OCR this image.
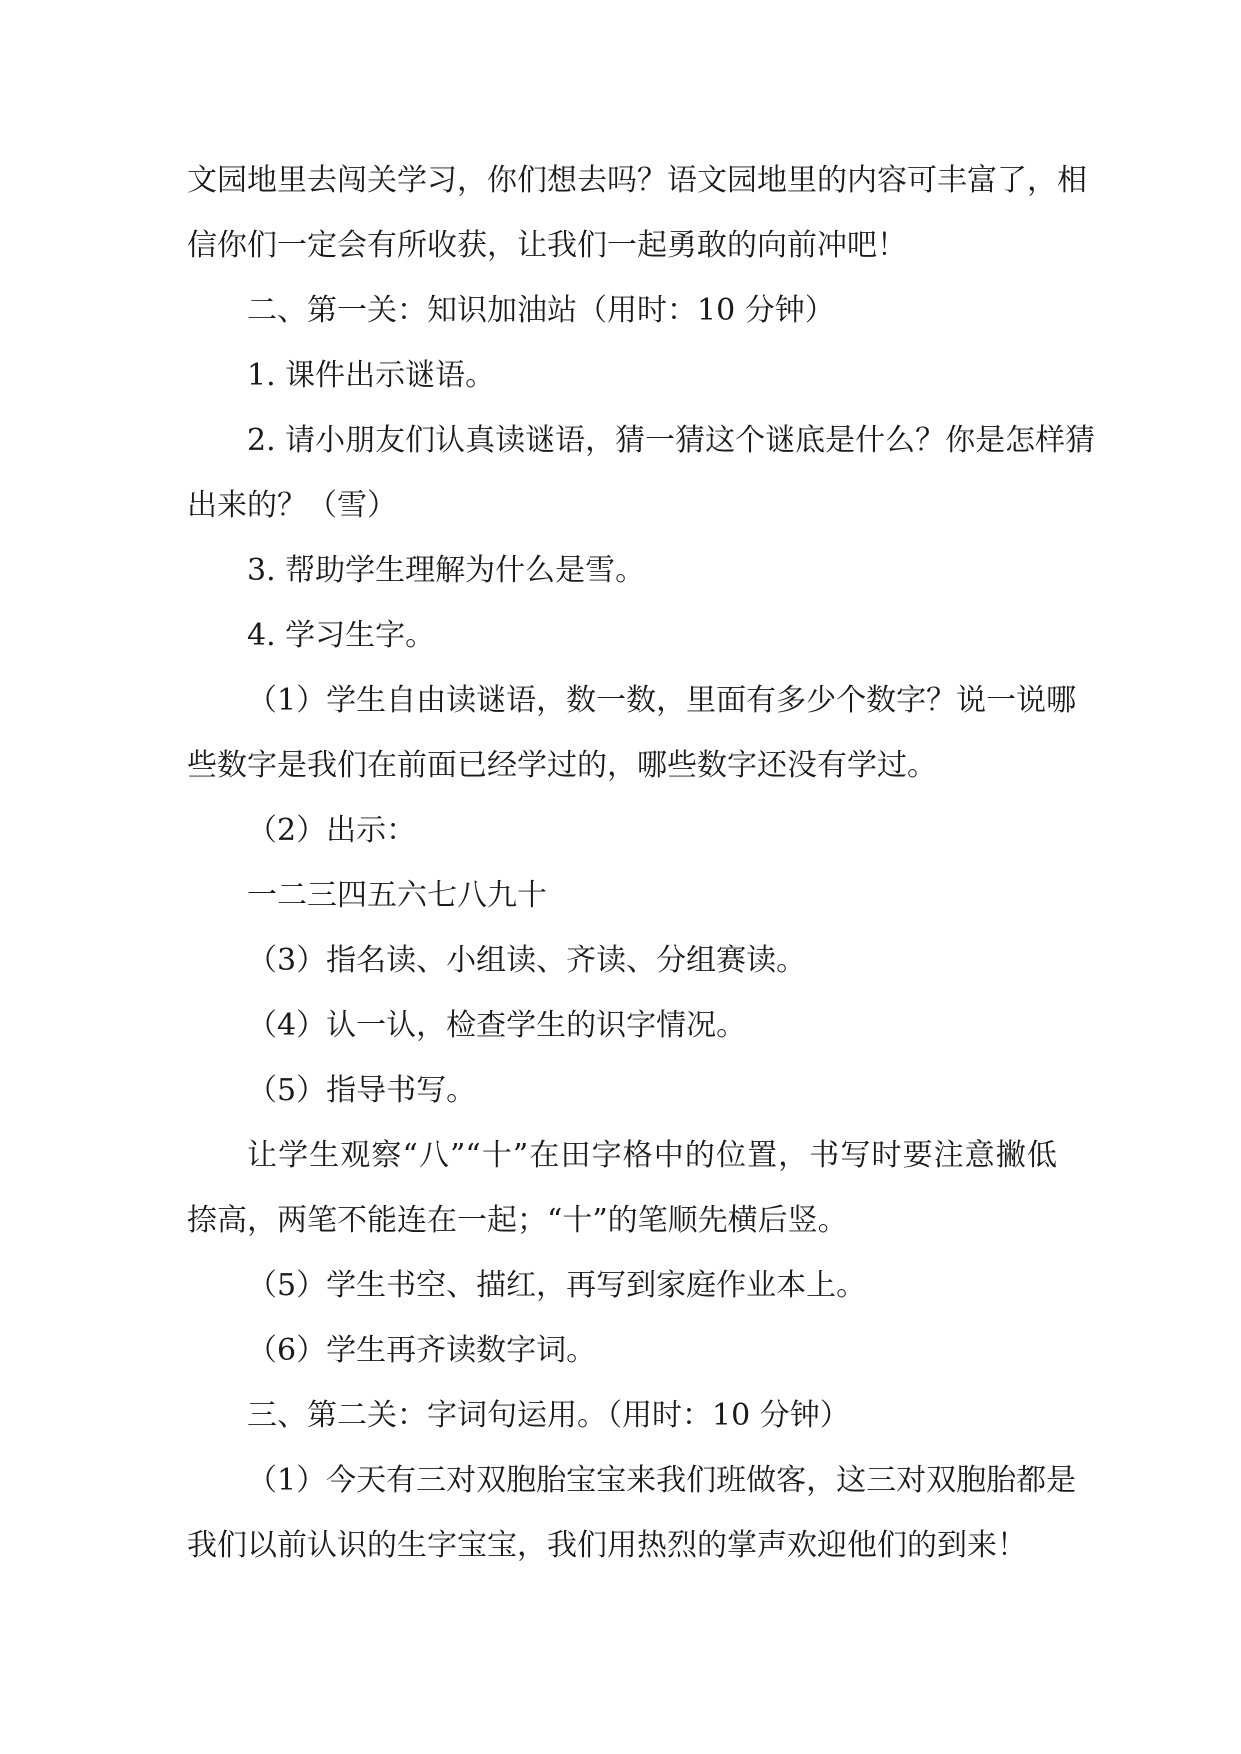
文园地里去闯关学习，你们想去吗？语文园地里的内容可丰富了，相
信你们一定会有所收获，让我们一起勇敢的向前冲吧！
二、第一关：知识加油站（用时：10 分钟）
1. 课件出示谜语。
2. 请小朋友们认真读谜语，猜一猜这个谜底是什么？你是怎样猜
出来的？（雪）
3. 帮助学生理解为什么是雪。
4. 学习生字。
（1）学生自由读谜语，数一数，里面有多少个数字？说一说哪
些数字是我们在前面已经学过的，哪些数字还没有学过。
（2）出示：
一二三四五六七八九十
（3）指名读、小组读、齐读、分组赛读。
（4）认一认，检查学生的识字情况。
（5）指导书写。
让学生观察“八”“十”在田字格中的位置，书写时要注意撇低
捺高，两笔不能连在一起；“十”的笔顺先横后竖。
（5）学生书空、描红，再写到家庭作业本上。
（6）学生再齐读数字词。
三、第二关：字词句运用。（用时：10 分钟）
（1）今天有三对双胞胎宝宝来我们班做客，这三对双胞胎都是
我们以前认识的生字宝宝，我们用热烈的掌声欢迎他们的到来！
